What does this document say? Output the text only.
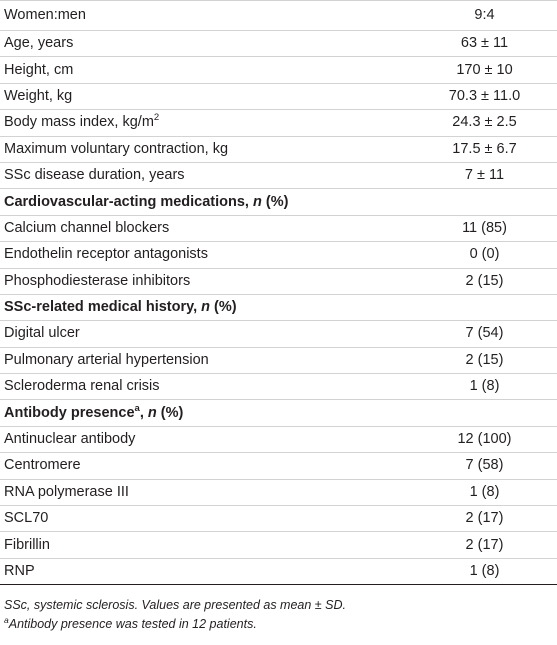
Women:men	9:4
Age, years	63 ± 11
Height, cm	170 ± 10
Weight, kg	70.3 ± 11.0
Body mass index, $kg/m^2$	24.3 ± 2.5
Maximum voluntary contraction, kg	17.5 ± 6.7
SSc disease duration, years	7 ± 11
Cardiovascular-acting medications, n (%)	
Calcium channel blockers	11 (85)
Endothelin receptor antagonists	0 (0)
Phosphodiesterase inhibitors	2 (15)
SSc-related medical history, n (%)	
Digital ulcer	7 (54)
Pulmonary arterial hypertension	2 (15)
Scleroderma renal crisis	1 (8)
Antibody presence$^a$, n (%)	
Antinuclear antibody	12 (100)
Centromere	7 (58)
RNA polymerase III	1 (8)
SCL70	2 (17)
Fibrillin	2 (17)
RNP	1 (8)
SSc, systemic sclerosis. Values are presented as mean ± SD.
$^a$Antibody presence was tested in 12 patients.
